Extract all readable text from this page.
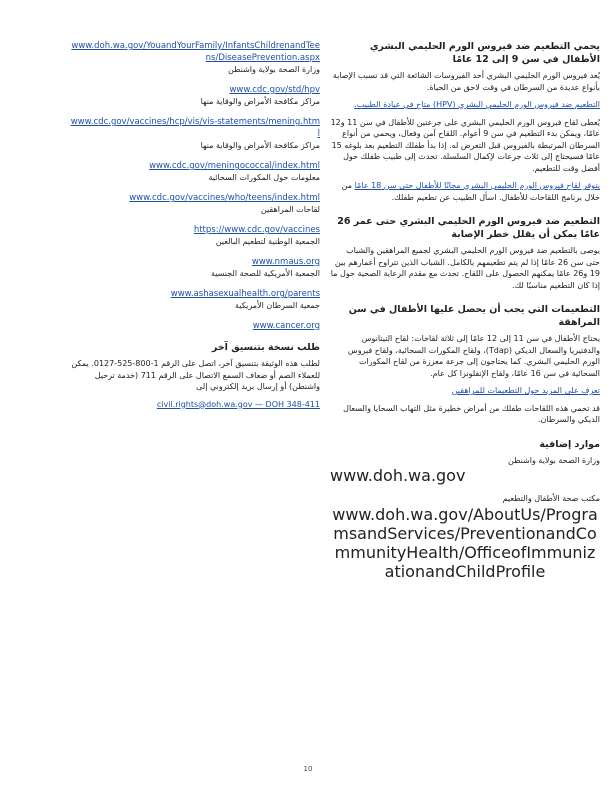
يحمي التطعيم ضد فيروس الورم الحليمي البشري الأطفال في سن 9 إلى 12 عامًا

يُعد فيروس الورم الحليمي البشري أحد الفيروسات الشائعة التي قد تسبب الإصابة بأنواع عديدة من السرطان في وقت لاحق من الحياة.

التطعيم ضد فيروس الورم الحليمي البشري (HPV) متاح في عيادة الطبيب.

يُعطى لقاح فيروس الورم الحليمي البشري على جرعتين للأطفال في سن 11 و12 عامًا، ويمكن بدء التطعيم في سن 9 أعوام. اللقاح آمن وفعال، ويحمي من أنواع السرطان المرتبطة بالفيروس قبل التعرض له. إذا بدأ طفلك التطعيم بعد بلوغه 15 عامًا فسيحتاج إلى ثلاث جرعات لإكمال السلسلة. تحدث إلى طبيب طفلك حول أفضل وقت للتطعيم.

يتوفر لقاح فيروس الورم الحليمي البشري مجانًا للأطفال حتى سن 18 عامًا من خلال برنامج اللقاحات للأطفال. اسأل الطبيب عن تطعيم طفلك.

التطعيم ضد فيروس الورم الحليمي البشري حتى عمر 26 عامًا يمكن أن يقلل خطر الإصابة

يوصى بالتطعيم ضد فيروس الورم الحليمي البشري لجميع المراهقين والشباب حتى سن 26 عامًا إذا لم يتم تطعيمهم بالكامل. الشباب الذين تتراوح أعمارهم بين 19 و26 عامًا يمكنهم الحصول على اللقاح. تحدث مع مقدم الرعاية الصحية حول ما إذا كان التطعيم مناسبًا لك.

التطعيمات التي يجب أن يحصل عليها الأطفال في سن المراهقة

يحتاج الأطفال في سن 11 إلى 12 عامًا إلى ثلاثة لقاحات: لقاح التيتانوس والدفتيريا والسعال الديكي (Tdap)، ولقاح المكورات السحائية، ولقاح فيروس الورم الحليمي البشري. كما يحتاجون إلى جرعة معززة من لقاح المكورات السحائية في سن 16 عامًا، ولقاح الإنفلونزا كل عام.

تعرف على المزيد حول التطعيمات للمراهقين

قد تحمي هذه اللقاحات طفلك من أمراض خطيرة مثل التهاب السحايا والسعال الديكي والسرطان.

موارد إضافية

وزارة الصحة بولاية واشنطن

www.doh.wa.gov

مكتب صحة الأطفال والتطعيم

www.doh.wa.gov/AboutUs/ProgramsandServices/PreventionandCommunityHealth/OfficeofImmunizationandChildProfile
www.doh.wa.gov/YouandYourFamily/InfantsChildrenandTeens/DiseasePrevention.aspx
وزارة الصحة بولاية واشنطن
www.cdc.gov/std/hpv
مراكز مكافحة الأمراض والوقاية منها
www.cdc.gov/vaccines/hcp/vis/vis-statements/mening.html
مراكز مكافحة الأمراض والوقاية منها
www.cdc.gov/meningococcal/index.html
معلومات حول المكورات السحائية
www.cdc.gov/vaccines/who/teens/index.html
لقاحات المراهقين
https://www.cdc.gov/vaccines
الجمعية الوطنية لتطعيم البالغين
www.nmaus.org
الجمعية الأمريكية للصحة الجنسية
www.ashasexualhealth.org/parents
جمعية السرطان الأمريكية
www.cancer.org
طلب نسخة بتنسيق آخر

لطلب هذه الوثيقة بتنسيق آخر، اتصل على الرقم 1-800-525-0127. يمكن للعملاء الصم أو ضعاف السمع الاتصال على الرقم 711 (خدمة ترحيل واشنطن) أو إرسال بريد إلكتروني إلى

civil.rights@doh.wa.gov — DOH 348-411

10
